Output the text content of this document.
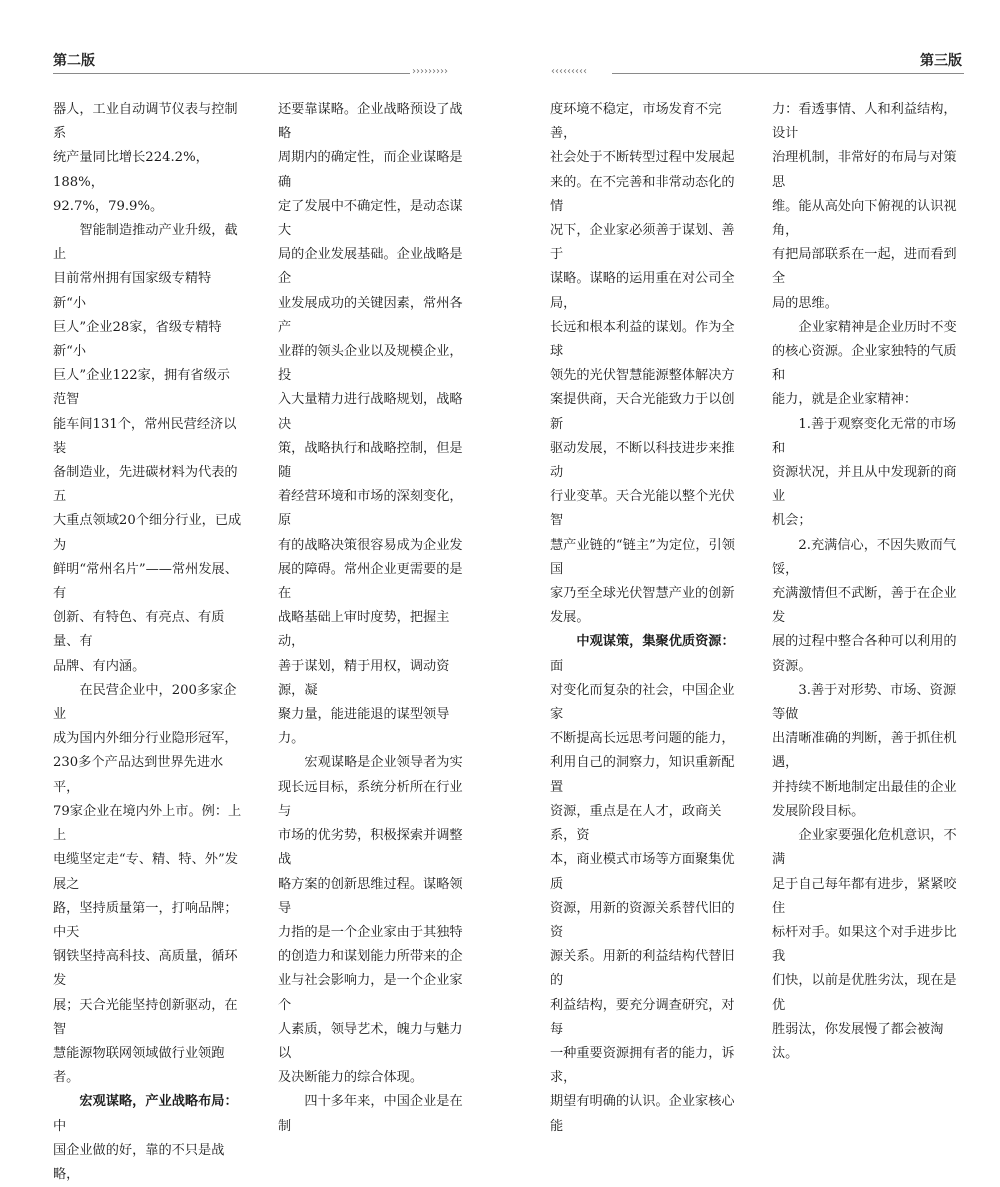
第二版
›››››››››	‹‹‹‹‹‹‹‹‹
第三版

器人，工业自动调节仪表与控制系

统产量同比增长224.2%，188%，

92.7%，79.9%。

智能制造推动产业升级，截止

目前常州拥有国家级专精特新“小

巨人”企业28家，省级专精特新“小

巨人”企业122家，拥有省级示范智

能车间131个，常州民营经济以装

备制造业，先进碳材料为代表的五

大重点领域20个细分行业，已成为

鲜明“常州名片”——常州发展、有

创新、有特色、有亮点、有质量、有

品牌、有内涵。

在民营企业中，200多家企业

成为国内外细分行业隐形冠军，

230多个产品达到世界先进水平，

79家企业在境内外上市。例：上上

电缆坚定走“专、精、特、外”发展之

路，坚持质量第一，打响品牌；中天

钢铁坚持高科技、高质量，循环发

展；天合光能坚持创新驱动，在智

慧能源物联网领域做行业领跑者。

宏观谋略，产业战略布局：中

国企业做的好，靠的不只是战略，

还要靠谋略。企业战略预设了战略

周期内的确定性，而企业谋略是确

定了发展中不确定性，是动态谋大

局的企业发展基础。企业战略是企

业发展成功的关键因素，常州各产

业群的领头企业以及规模企业，投

入大量精力进行战略规划，战略决

策，战略执行和战略控制，但是随

着经营环境和市场的深刻变化，原

有的战略决策很容易成为企业发

展的障碍。常州企业更需要的是在

战略基础上审时度势，把握主动，

善于谋划，精于用权，调动资源，凝

聚力量，能进能退的谋型领导力。

宏观谋略是企业领导者为实

现长远目标，系统分析所在行业与

市场的优劣势，积极探索并调整战

略方案的创新思维过程。谋略领导

力指的是一个企业家由于其独特

的创造力和谋划能力所带来的企

业与社会影响力，是一个企业家个

人素质，领导艺术，魄力与魅力以

及决断能力的综合体现。

四十多年来，中国企业是在制

度环境不稳定，市场发育不完善，

社会处于不断转型过程中发展起

来的。在不完善和非常动态化的情

况下，企业家必须善于谋划、善于

谋略。谋略的运用重在对公司全局，

长远和根本利益的谋划。作为全球

领先的光伏智慧能源整体解决方

案提供商，天合光能致力于以创新

驱动发展，不断以科技进步来推动

行业变革。天合光能以整个光伏智

慧产业链的“链主”为定位，引领国

家乃至全球光伏智慧产业的创新

发展。

中观谋策，集聚优质资源：面

对变化而复杂的社会，中国企业家

不断提高长远思考问题的能力，

利用自己的洞察力，知识重新配置

资源，重点是在人才，政商关系，资

本，商业模式市场等方面聚集优质

资源，用新的资源关系替代旧的资

源关系。用新的利益结构代替旧的

利益结构，要充分调查研究，对每

一种重要资源拥有者的能力，诉求，

期望有明确的认识。企业家核心能

力：看透事情、人和利益结构，设计

治理机制，非常好的布局与对策思

维。能从高处向下俯视的认识视角，

有把局部联系在一起，进而看到全

局的思维。

企业家精神是企业历时不变

的核心资源。企业家独特的气质和

能力，就是企业家精神：

1.善于观察变化无常的市场和

资源状况，并且从中发现新的商业

机会；

2.充满信心，不因失败而气馁，

充满激情但不武断，善于在企业发

展的过程中整合各种可以利用的

资源。

3.善于对形势、市场、资源等做

出清晰准确的判断，善于抓住机遇，

并持续不断地制定出最佳的企业

发展阶段目标。

企业家要强化危机意识，不满

足于自己每年都有进步，紧紧咬住

标杆对手。如果这个对手进步比我

们快，以前是优胜劣汰，现在是优

胜弱汰，你发展慢了都会被淘汰。
